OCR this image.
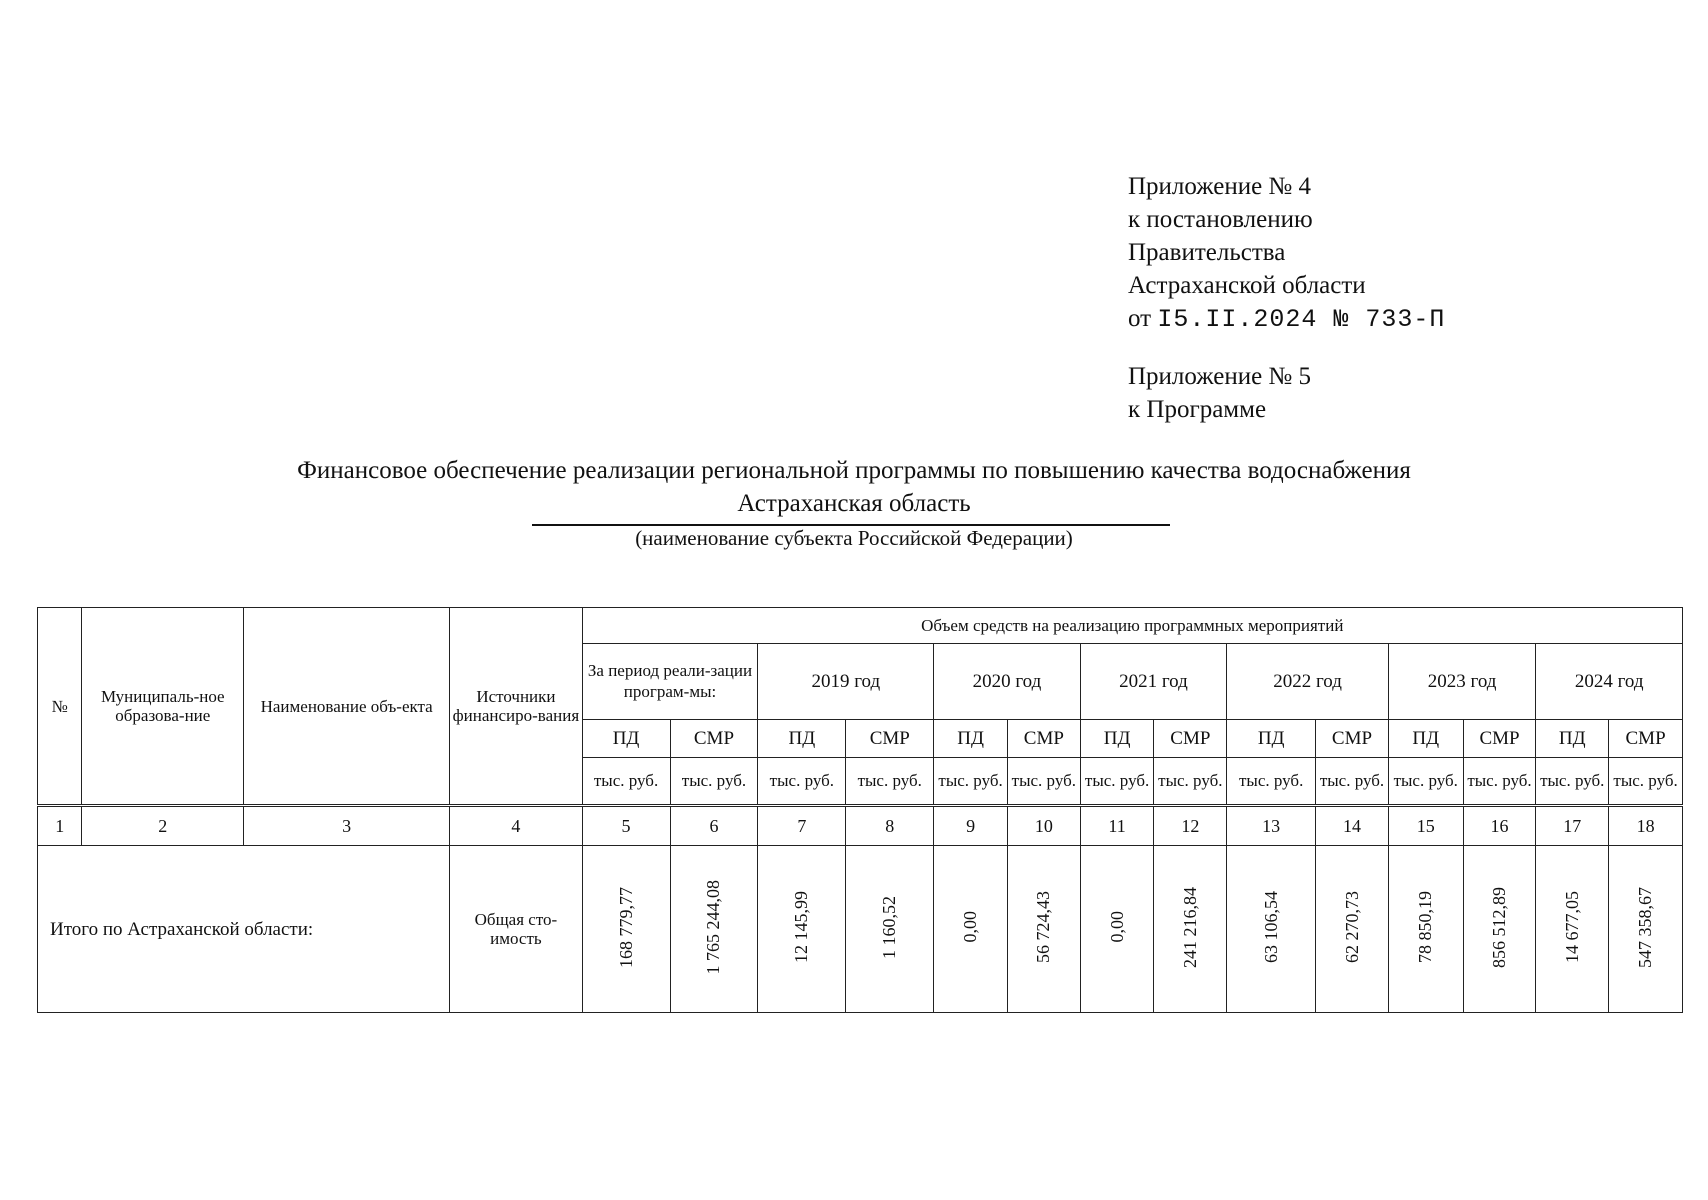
Приложение № 4
к постановлению
Правительства
Астраханской области
от I5.II.2024 № 733-П
Приложение № 5
к Программе
Финансовое обеспечение реализации региональной программы по повышению качества водоснабжения
Астраханская область
(наименование субъекта Российской Федерации)
№	Муниципаль-ное образова-ние	Наименование объ-екта	Источники финансиро-вания	Объем средств на реализацию программных мероприятий													
				За период реали-зации програм-мы:		2019 год		2020 год		2021 год		2022 год		2023 год		2024 год	
				ПД	СМР	ПД	СМР	ПД	СМР	ПД	СМР	ПД	СМР	ПД	СМР	ПД	СМР
				тыс. руб.	тыс. руб.	тыс. руб.	тыс. руб.	тыс. руб.	тыс. руб.	тыс. руб.	тыс. руб.	тыс. руб.	тыс. руб.	тыс. руб.	тыс. руб.	тыс. руб.	тыс. руб.
1	2	3	4	5	6	7	8	9	10	11	12	13	14	15	16	17	18
Итого по Астраханской области:			Общая сто-имость	168 779,77	1 765 244,08	12 145,99	1 160,52	0,00	56 724,43	0,00	241 216,84	63 106,54	62 270,73	78 850,19	856 512,89	14 677,05	547 358,67
